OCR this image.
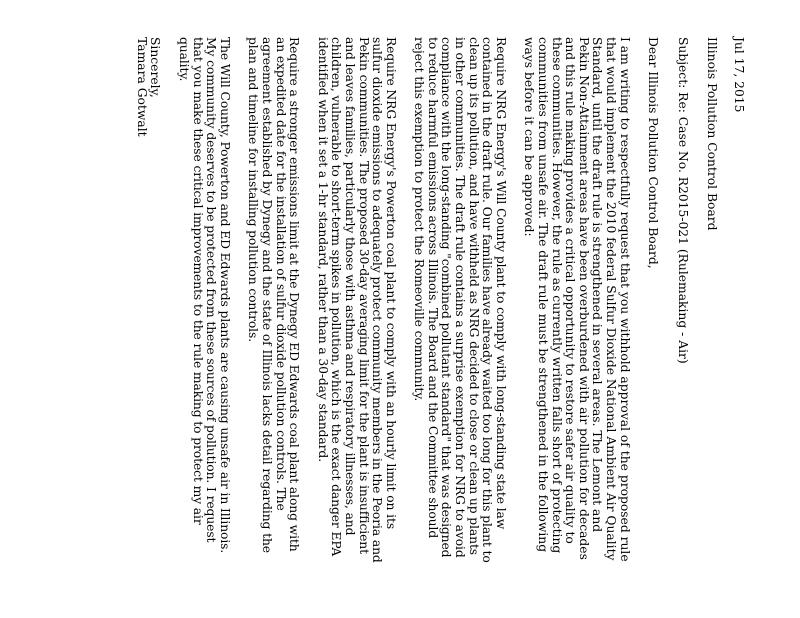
Jul 17, 2015

Illinois Pollution Control Board

Subject: Re: Case No. R2015-021 (Rulemaking - Air)

Dear Illinois Pollution Control Board,

I am writing to respectfully request that you withhold approval of the proposed rule that would implement the 2010 federal Sulfur Dioxide National Ambient Air Quality Standard, until the draft rule is strengthened in several areas. The Lemont and Pekin Non-Attainment areas have been overburdened with air pollution for decades and this rule making provides a critical opportunity to restore safer air quality to these communities. However, the rule as currently written falls short of protecting communities from unsafe air. The draft rule must be strengthened in the following ways before it can be approved:

Require NRG Energy's Will County plant to comply with long-standing state law contained in the draft rule. Our families have already waited too long for this plant to clean up its pollution, and have withheld as NRG decided to close or clean up plants in other communities. The draft rule contains a surprise exemption for NRG to avoid compliance with the long-standing "combined pollutant standard" that was designed to reduce harmful emissions across Illinois. The Board and the Committee should reject this exemption to protect the Romeoville community.

Require NRG Energy's Powerton coal plant to comply with an hourly limit on its sulfur dioxide emissions to adequately protect community members in the Peoria and Pekin communities. The proposed 30-day averaging limit for the plant is insufficient and leaves families, particularly those with asthma and respiratory illnesses, and children, vulnerable to short-term spikes in pollution, which is the exact danger EPA identified when it set a 1-hr standard, rather than a 30-day standard.

Require a stronger emissions limit at the Dynegy ED Edwards coal plant along with an expedited date for the installation of sulfur dioxide pollution controls. The agreement established by Dynegy and the state of Illinois lacks detail regarding the plan and timeline for installing pollution controls.

The Will County, Powerton and ED Edwards plants are causing unsafe air in Illinois. My community deserves to be protected from these sources of pollution. I request that you make these critical improvements to the rule making to protect my air quality.

Sincerely,

Tamara Gotwalt
